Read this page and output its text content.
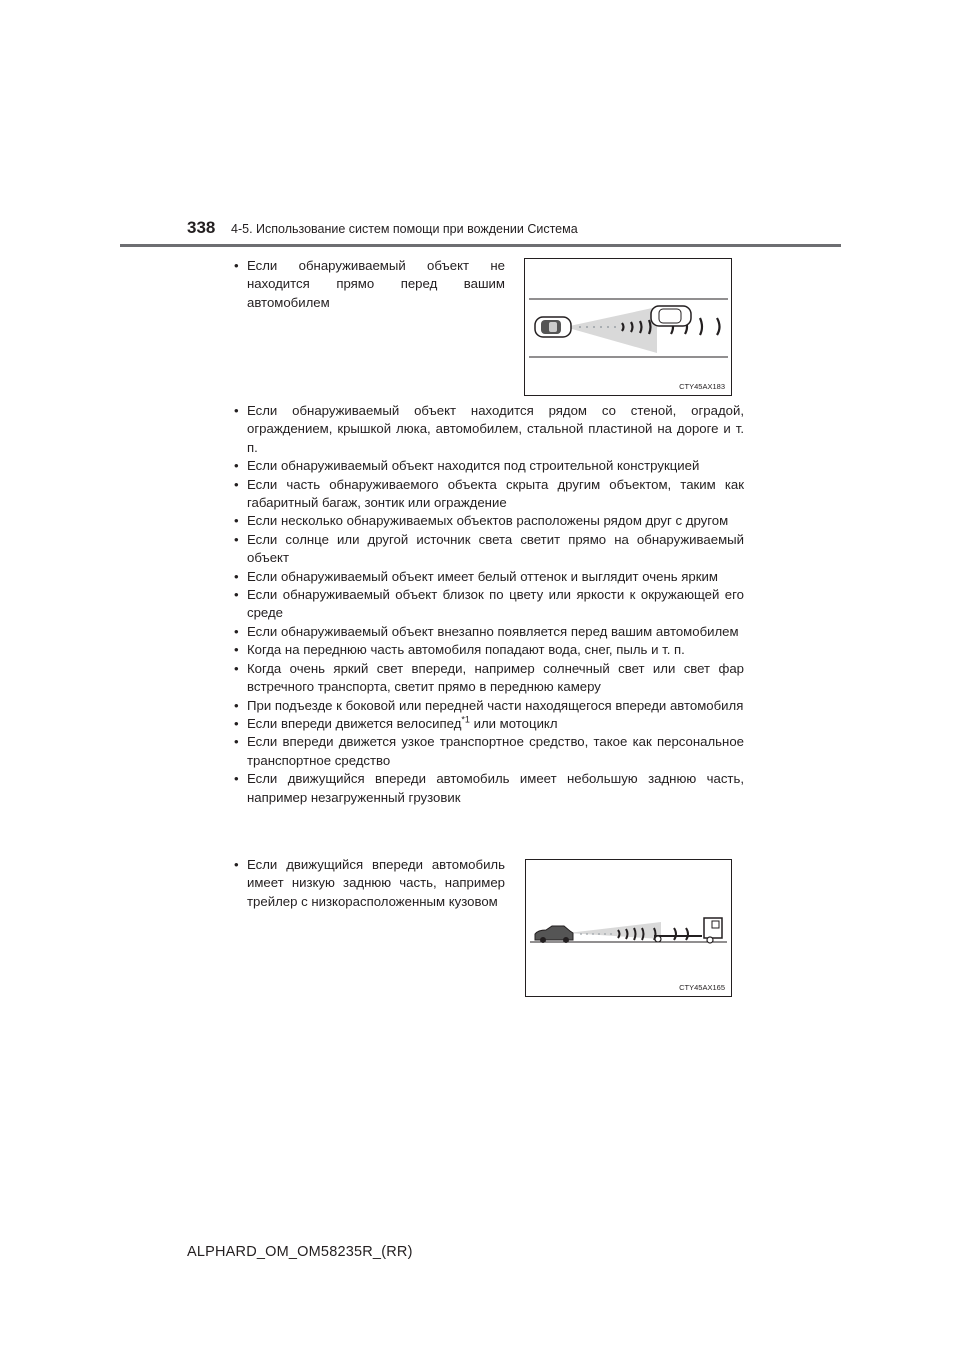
338 4-5. Использование систем помощи при вождении Система
• Если обнаруживаемый объект не находится прямо перед вашим автомобилем
CTY45AX183
• Если обнаруживаемый объект находится рядом со стеной, оградой, ограждением, крышкой люка, автомобилем, стальной пластиной на дороге и т. п.
• Если обнаруживаемый объект находится под строительной конструкцией
• Если часть обнаруживаемого объекта скрыта другим объектом, таким как габаритный багаж, зонтик или ограждение
• Если несколько обнаруживаемых объектов расположены рядом друг с другом
• Если солнце или другой источник света светит прямо на обнаруживаемый объект
• Если обнаруживаемый объект имеет белый оттенок и выглядит очень ярким
• Если обнаруживаемый объект близок по цвету или яркости к окружающей его среде
• Если обнаруживаемый объект внезапно появляется перед вашим автомобилем
• Когда на переднюю часть автомобиля попадают вода, снег, пыль и т. п.
• Когда очень яркий свет впереди, например солнечный свет или свет фар встречного транспорта, светит прямо в переднюю камеру
• При подъезде к боковой или передней части находящегося впереди автомобиля
• Если впереди движется велосипед$^{*1}$ или мотоцикл
• Если впереди движется узкое транспортное средство, такое как персональное транспортное средство
• Если движущийся впереди автомобиль имеет небольшую заднюю часть, например незагруженный грузовик
• Если движущийся впереди автомобиль имеет низкую заднюю часть, например трейлер с низкорасположенным кузовом
CTY45AX165
ALPHARD_OM_OM58235R_(RR)
